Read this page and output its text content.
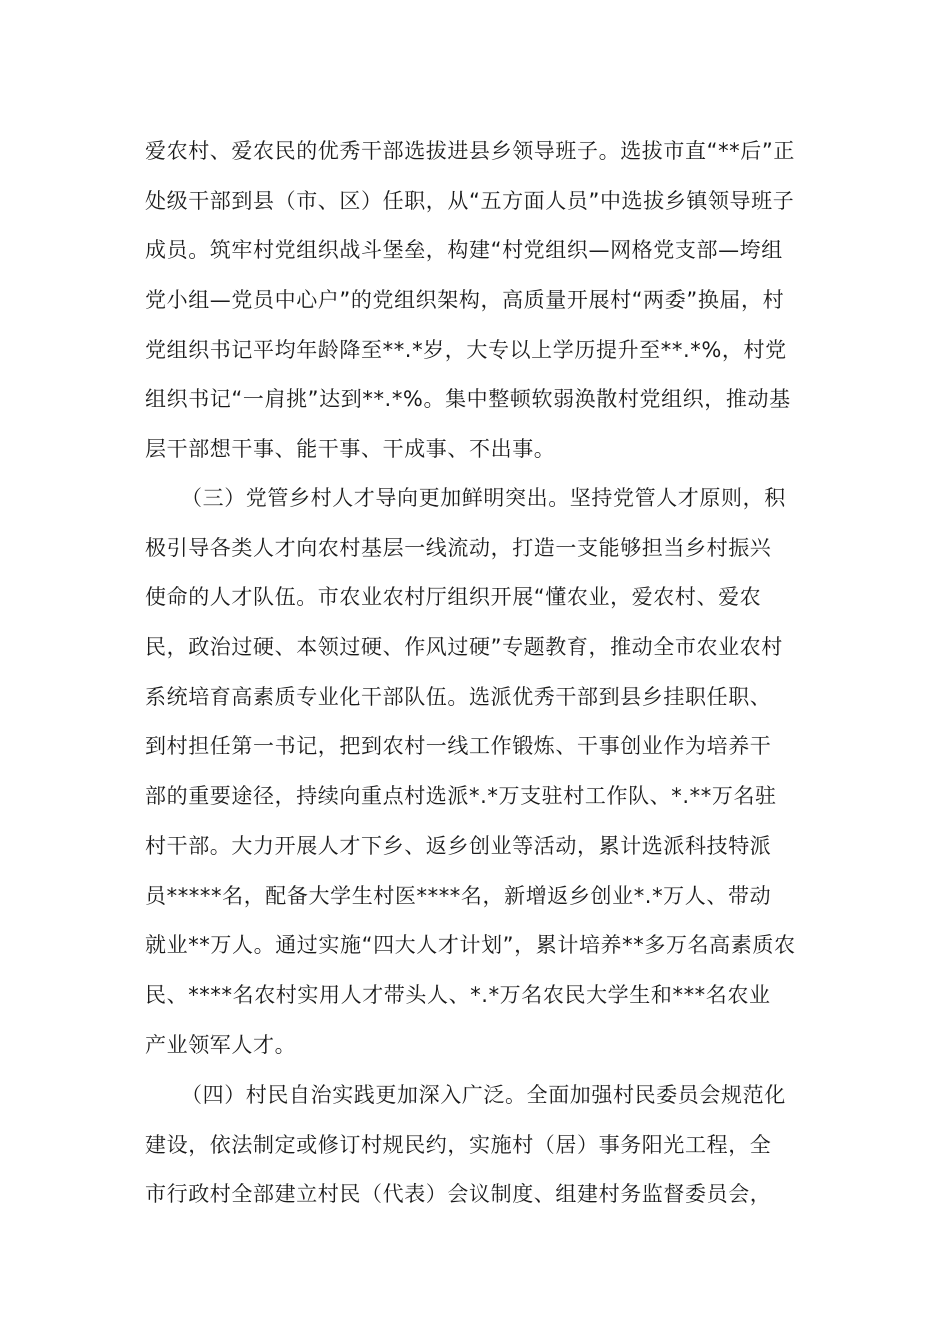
爱农村、爱农民的优秀干部选拔进县乡领导班子。选拔市直“**后”正
处级干部到县（市、区）任职，从“五方面人员”中选拔乡镇领导班子
成员。筑牢村党组织战斗堡垒，构建“村党组织—网格党支部—垮组
党小组—党员中心户”的党组织架构，高质量开展村“两委”换届，村
党组织书记平均年龄降至**.*岁，大专以上学历提升至**.*%，村党
组织书记“一肩挑”达到**.*%。集中整顿软弱涣散村党组织，推动基
层干部想干事、能干事、干成事、不出事。
（三）党管乡村人才导向更加鲜明突出。坚持党管人才原则，积
极引导各类人才向农村基层一线流动，打造一支能够担当乡村振兴
使命的人才队伍。市农业农村厅组织开展“懂农业，爱农村、爱农
民，政治过硬、本领过硬、作风过硬”专题教育，推动全市农业农村
系统培育高素质专业化干部队伍。选派优秀干部到县乡挂职任职、
到村担任第一书记，把到农村一线工作锻炼、干事创业作为培养干
部的重要途径，持续向重点村选派*.*万支驻村工作队、*.**万名驻
村干部。大力开展人才下乡、返乡创业等活动，累计选派科技特派
员*****名，配备大学生村医****名，新增返乡创业*.*万人、带动
就业**万人。通过实施“四大人才计划”，累计培养**多万名高素质农
民、****名农村实用人才带头人、*.*万名农民大学生和***名农业
产业领军人才。
（四）村民自治实践更加深入广泛。全面加强村民委员会规范化
建设，依法制定或修订村规民约，实施村（居）事务阳光工程，全
市行政村全部建立村民（代表）会议制度、组建村务监督委员会，
